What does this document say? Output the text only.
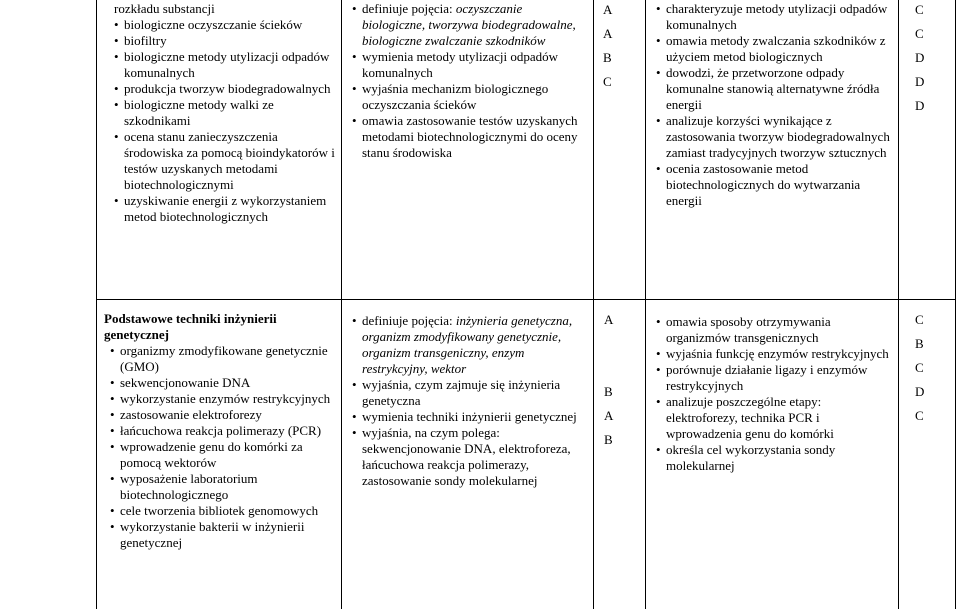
rozkładu substancji
• biologiczne oczyszczanie ścieków
• biofiltry
• biologiczne metody utylizacji odpadów komunalnych
• produkcja tworzyw biodegradowalnych
• biologiczne metody walki ze szkodnikami
• ocena stanu zanieczyszczenia środowiska za pomocą bioindykatorów i testów uzyskanych metodami biotechnologicznymi
• uzyskiwanie energii z wykorzystaniem metod biotechnologicznych
• definiuje pojęcia: oczyszczanie biologiczne, tworzywa biodegradowalne, biologiczne zwalczanie szkodników
• wymienia metody utylizacji odpadów komunalnych
• wyjaśnia mechanizm biologicznego oczyszczania ścieków
• omawia zastosowanie testów uzyskanych metodami biotechnologicznymi do oceny stanu środowiska
A
A
B
C
• charakteryzuje metody utylizacji odpadów komunalnych
• omawia metody zwalczania szkodników z użyciem metod biologicznych
• dowodzi, że przetworzone odpady komunalne stanowią alternatywne źródła energii
• analizuje korzyści wynikające z zastosowania tworzyw biodegradowalnych zamiast tradycyjnych tworzyw sztucznych
• ocenia zastosowanie metod biotechnologicznych do wytwarzania energii
C
C
D
D
D
Podstawowe techniki inżynierii genetycznej
• organizmy zmodyfikowane genetycznie (GMO)
• sekwencjonowanie DNA
• wykorzystanie enzymów restrykcyjnych
• zastosowanie elektroforezy
• łańcuchowa reakcja polimerazy (PCR)
• wprowadzenie genu do komórki za pomocą wektorów
• wyposażenie laboratorium biotechnologicznego
• cele tworzenia bibliotek genomowych
• wykorzystanie bakterii w inżynierii genetycznej
• definiuje pojęcia: inżynieria genetyczna, organizm zmodyfikowany genetycznie, organizm transgeniczny, enzym restrykcyjny, wektor
• wyjaśnia, czym zajmuje się inżynieria genetyczna
• wymienia techniki inżynierii genetycznej
• wyjaśnia, na czym polega: sekwencjonowanie DNA, elektroforeza, łańcuchowa reakcja polimerazy, zastosowanie sondy molekularnej
A
B
A
B
• omawia sposoby otrzymywania organizmów transgenicznych
• wyjaśnia funkcję enzymów restrykcyjnych
• porównuje działanie ligazy i enzymów restrykcyjnych
• analizuje poszczególne etapy: elektroforezy, technika PCR i wprowadzenia genu do komórki
• określa cel wykorzystania sondy molekularnej
C
B
C
D
C
